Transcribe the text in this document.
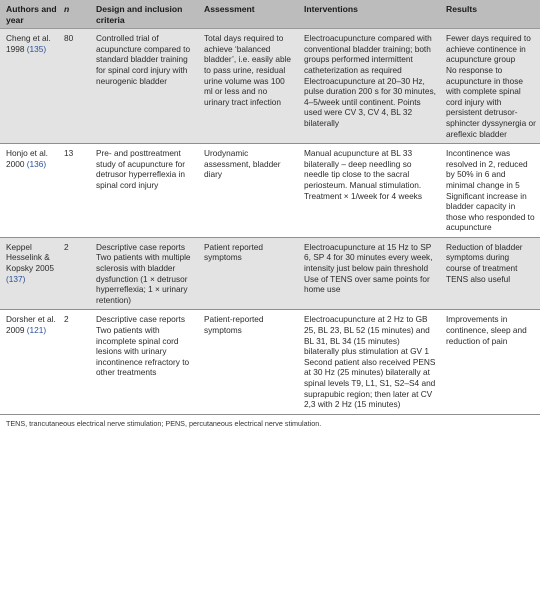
Authors and year	n	Design and inclusion criteria	Assessment	Interventions	Results
Cheng et al. 1998 (135)	80	Controlled trial of acupuncture compared to standard bladder training for spinal cord injury with neurogenic bladder	Total days required to achieve ‘balanced bladder’, i.e. easily able to pass urine, residual urine volume was 100 ml or less and no urinary tract infection	Electroacupuncture compared with conventional bladder training; both groups performed intermittent catheterization as required Electroacupuncture at 20–30 Hz, pulse duration 200 s for 30 minutes, 4–5/week until continent. Points used were CV 3, CV 4, BL 32 bilaterally	Fewer days required to achieve continence in acupuncture group
No response to acupuncture in those with complete spinal cord injury with persistent detrusor-sphincter dyssynergia or areflexic bladder

Honjo et al. 2000 (136)	13	Pre- and posttreatment study of acupuncture for detrusor hyperreflexia in spinal cord injury	Urodynamic assessment, bladder diary	Manual acupuncture at BL 33 bilaterally – deep needling so needle tip close to the sacral periosteum. Manual stimulation. Treatment × 1/week for 4 weeks	Incontinence was resolved in 2, reduced by 50% in 6 and minimal change in 5
Significant increase in bladder capacity in those who responded to acupuncture

Keppel Hesselink & Kopsky 2005 (137)	2	Descriptive case reports Two patients with multiple sclerosis with bladder dysfunction (1 × detrusor hyperreflexia; 1 × urinary retention)	Patient reported symptoms	Electroacupuncture at 15 Hz to SP 6, SP 4 for 30 minutes every week, intensity just below pain threshold
Use of TENS over same points for home use	Reduction of bladder symptoms during course of treatment TENS also useful

Dorsher et al. 2009 (121)	2	Descriptive case reports Two patients with incomplete spinal cord lesions with urinary incontinence refractory to other treatments	Patient-reported symptoms	Electroacupuncture at 2 Hz to GB 25, BL 23, BL 52 (15 minutes) and BL 31, BL 34 (15 minutes) bilaterally plus stimulation at GV 1
Second patient also received PENS at 30 Hz (25 minutes) bilaterally at spinal levels T9, L1, S1, S2–S4 and suprapubic region; then later at CV 2,3 with 2 Hz (15 minutes)	Improvements in continence, sleep and reduction of pain
TENS, trancutaneous electrical nerve stimulation; PENS, percutaneous electrical nerve stimulation.
